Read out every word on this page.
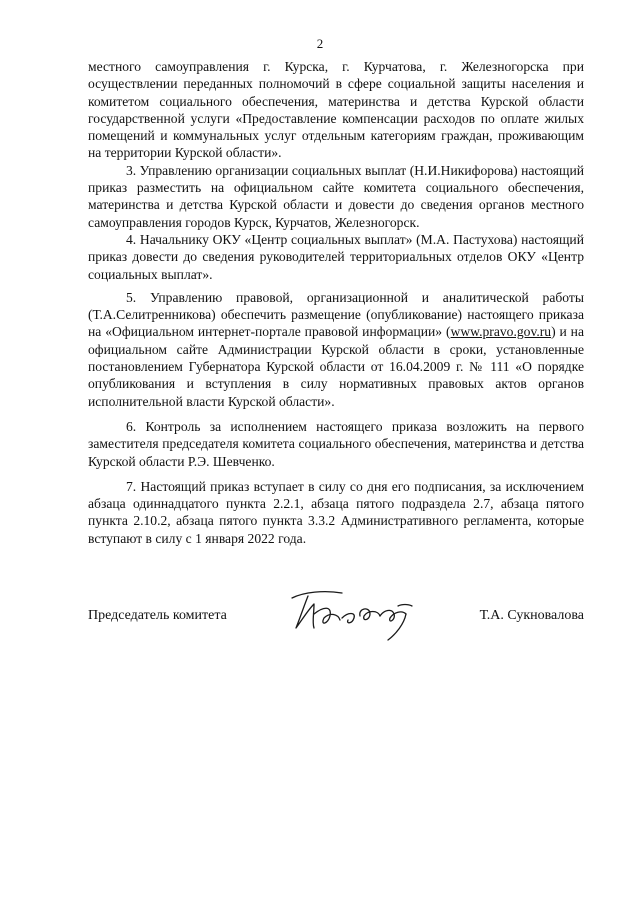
2

местного самоуправления г. Курска, г. Курчатова, г. Железногорска при осуществлении переданных полномочий в сфере социальной защиты населения и комитетом социального обеспечения, материнства и детства Курской области государственной услуги «Предоставление компенсации расходов по оплате жилых помещений и коммунальных услуг отдельным категориям граждан, проживающим на территории Курской области».

3. Управлению организации социальных выплат (Н.И.Никифорова) настоящий приказ разместить на официальном сайте комитета социального обеспечения, материнства и детства Курской области и довести до сведения органов местного самоуправления городов Курск, Курчатов, Железногорск.

4. Начальнику ОКУ «Центр социальных выплат» (М.А. Пастухова) настоящий приказ довести до сведения руководителей территориальных отделов ОКУ «Центр социальных выплат».

5. Управлению правовой, организационной и аналитической работы (Т.А.Селитренникова) обеспечить размещение (опубликование) настоящего приказа на «Официальном интернет-портале правовой информации» (www.pravo.gov.ru) и на официальном сайте Администрации Курской области в сроки, установленные постановлением Губернатора Курской области от 16.04.2009 г. № 111 «О порядке опубликования и вступления в силу нормативных правовых актов органов исполнительной власти Курской области».

6. Контроль за исполнением настоящего приказа возложить на первого заместителя председателя комитета социального обеспечения, материнства и детства Курской области Р.Э. Шевченко.

7. Настоящий приказ вступает в силу со дня его подписания, за исключением абзаца одиннадцатого пункта 2.2.1, абзаца пятого подраздела 2.7, абзаца пятого пункта 2.10.2, абзаца пятого пункта 3.3.2 Административного регламента, которые вступают в силу с 1 января 2022 года.

Председатель комитета	Т.А. Сукновалова
